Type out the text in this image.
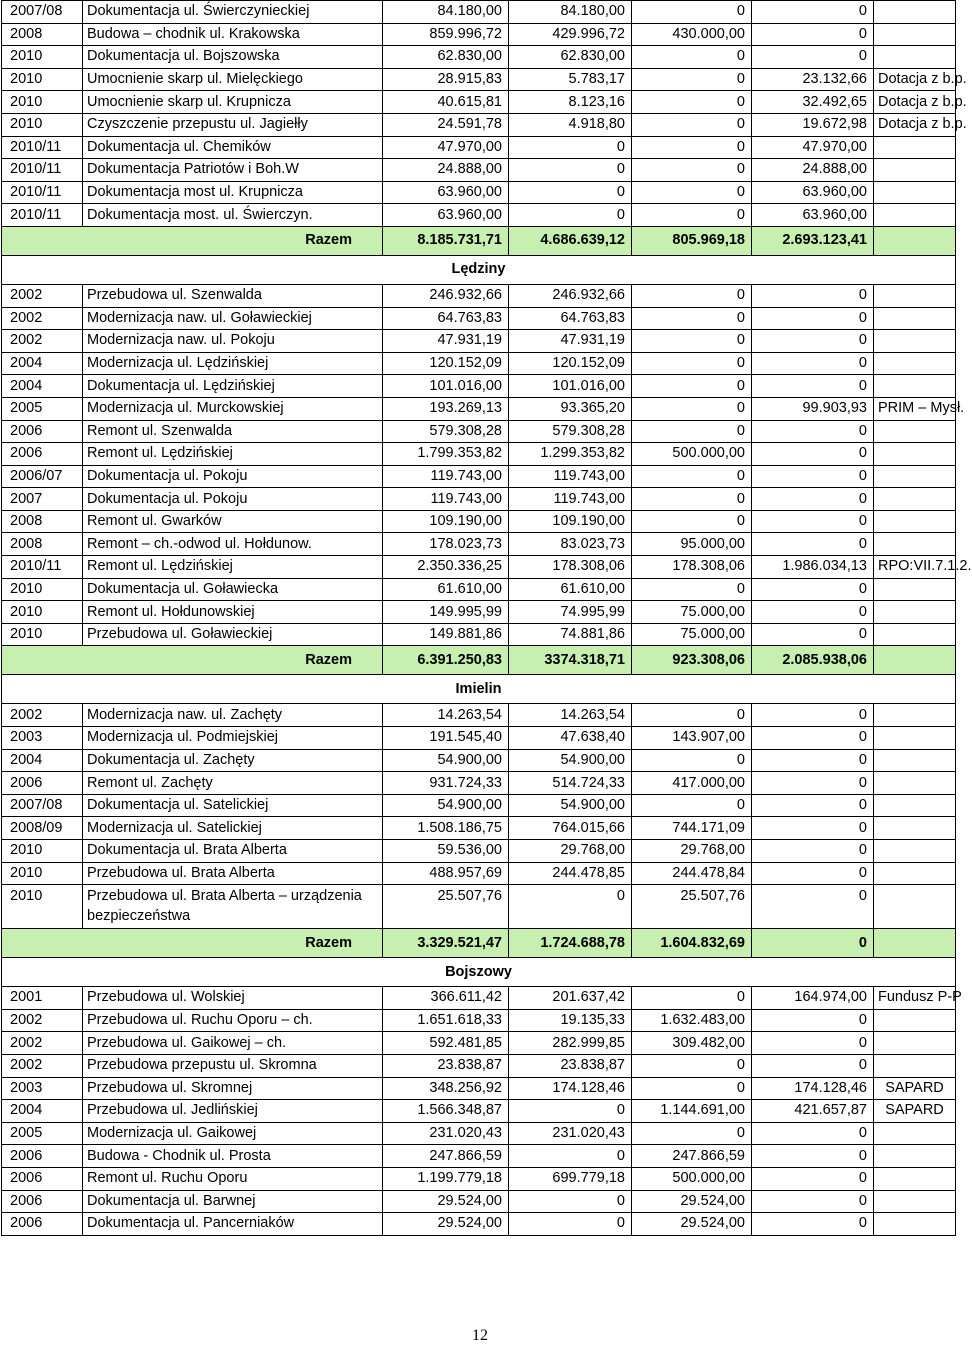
2007/08	Dokumentacja ul. Świerczynieckiej	84.180,00	84.180,00	0	0	
2008	Budowa – chodnik ul. Krakowska	859.996,72	429.996,72	430.000,00	0	
2010	Dokumentacja ul. Bojszowska	62.830,00	62.830,00	0	0	
2010	Umocnienie skarp ul. Mielęckiego	28.915,83	5.783,17	0	23.132,66	Dotacja z b.p.
2010	Umocnienie skarp ul. Krupnicza	40.615,81	8.123,16	0	32.492,65	Dotacja z b.p.
2010	Czyszczenie przepustu ul. Jagiełły	24.591,78	4.918,80	0	19.672,98	Dotacja z b.p.
2010/11	Dokumentacja ul. Chemików	47.970,00	0	0	47.970,00	
2010/11	Dokumentacja Patriotów i Boh.W	24.888,00	0	0	24.888,00	
2010/11	Dokumentacja most ul. Krupnicza	63.960,00	0	0	63.960,00	
2010/11	Dokumentacja most. ul. Świerczyn.	63.960,00	0	0	63.960,00	
Razem		8.185.731,71	4.686.639,12	805.969,18	2.693.123,41	
Lędziny						
2002	Przebudowa ul. Szenwalda	246.932,66	246.932,66	0	0	
2002	Modernizacja naw. ul. Goławieckiej	64.763,83	64.763,83	0	0	
2002	Modernizacja naw. ul. Pokoju	47.931,19	47.931,19	0	0	
2004	Modernizacja ul. Lędzińskiej	120.152,09	120.152,09	0	0	
2004	Dokumentacja ul. Lędzińskiej	101.016,00	101.016,00	0	0	
2005	Modernizacja ul. Murckowskiej	193.269,13	93.365,20	0	99.903,93	PRIM – Mysł.
2006	Remont ul. Szenwalda	579.308,28	579.308,28	0	0	
2006	Remont ul. Lędzińskiej	1.799.353,82	1.299.353,82	500.000,00	0	
2006/07	Dokumentacja ul. Pokoju	119.743,00	119.743,00	0	0	
2007	Dokumentacja ul. Pokoju	119.743,00	119.743,00	0	0	
2008	Remont ul. Gwarków	109.190,00	109.190,00	0	0	
2008	Remont – ch.-odwod ul. Hołdunow.	178.023,73	83.023,73	95.000,00	0	
2010/11	Remont ul. Lędzińskiej	2.350.336,25	178.308,06	178.308,06	1.986.034,13	RPO:VII.7.1.2.
2010	Dokumentacja ul. Goławiecka	61.610,00	61.610,00	0	0	
2010	Remont ul. Hołdunowskiej	149.995,99	74.995,99	75.000,00	0	
2010	Przebudowa ul. Goławieckiej	149.881,86	74.881,86	75.000,00	0	
Razem		6.391.250,83	3374.318,71	923.308,06	2.085.938,06	
Imielin						
2002	Modernizacja naw. ul. Zachęty	14.263,54	14.263,54	0	0	
2003	Modernizacja ul. Podmiejskiej	191.545,40	47.638,40	143.907,00	0	
2004	Dokumentacja ul. Zachęty	54.900,00	54.900,00	0	0	
2006	Remont ul. Zachęty	931.724,33	514.724,33	417.000,00	0	
2007/08	Dokumentacja ul. Satelickiej	54.900,00	54.900,00	0	0	
2008/09	Modernizacja ul. Satelickiej	1.508.186,75	764.015,66	744.171,09	0	
2010	Dokumentacja ul. Brata Alberta	59.536,00	29.768,00	29.768,00	0	
2010	Przebudowa ul. Brata Alberta	488.957,69	244.478,85	244.478,84	0	
2010	Przebudowa ul. Brata Alberta – urządzenia bezpieczeństwa	25.507,76	0	25.507,76	0	
Razem		3.329.521,47	1.724.688,78	1.604.832,69	0	
Bojszowy						
2001	Przebudowa ul. Wolskiej	366.611,42	201.637,42	0	164.974,00	Fundusz P-P
2002	Przebudowa ul. Ruchu Oporu – ch.	1.651.618,33	19.135,33	1.632.483,00	0	
2002	Przebudowa ul. Gaikowej – ch.	592.481,85	282.999,85	309.482,00	0	
2002	Przebudowa przepustu ul. Skromna	23.838,87	23.838,87	0	0	
2003	Przebudowa ul. Skromnej	348.256,92	174.128,46	0	174.128,46	SAPARD
2004	Przebudowa ul. Jedlińskiej	1.566.348,87	0	1.144.691,00	421.657,87	SAPARD
2005	Modernizacja ul. Gaikowej	231.020,43	231.020,43	0	0	
2006	Budowa - Chodnik ul. Prosta	247.866,59	0	247.866,59	0	
2006	Remont ul. Ruchu Oporu	1.199.779,18	699.779,18	500.000,00	0	
2006	Dokumentacja ul. Barwnej	29.524,00	0	29.524,00	0	
2006	Dokumentacja ul. Pancerniaków	29.524,00	0	29.524,00	0	
12
